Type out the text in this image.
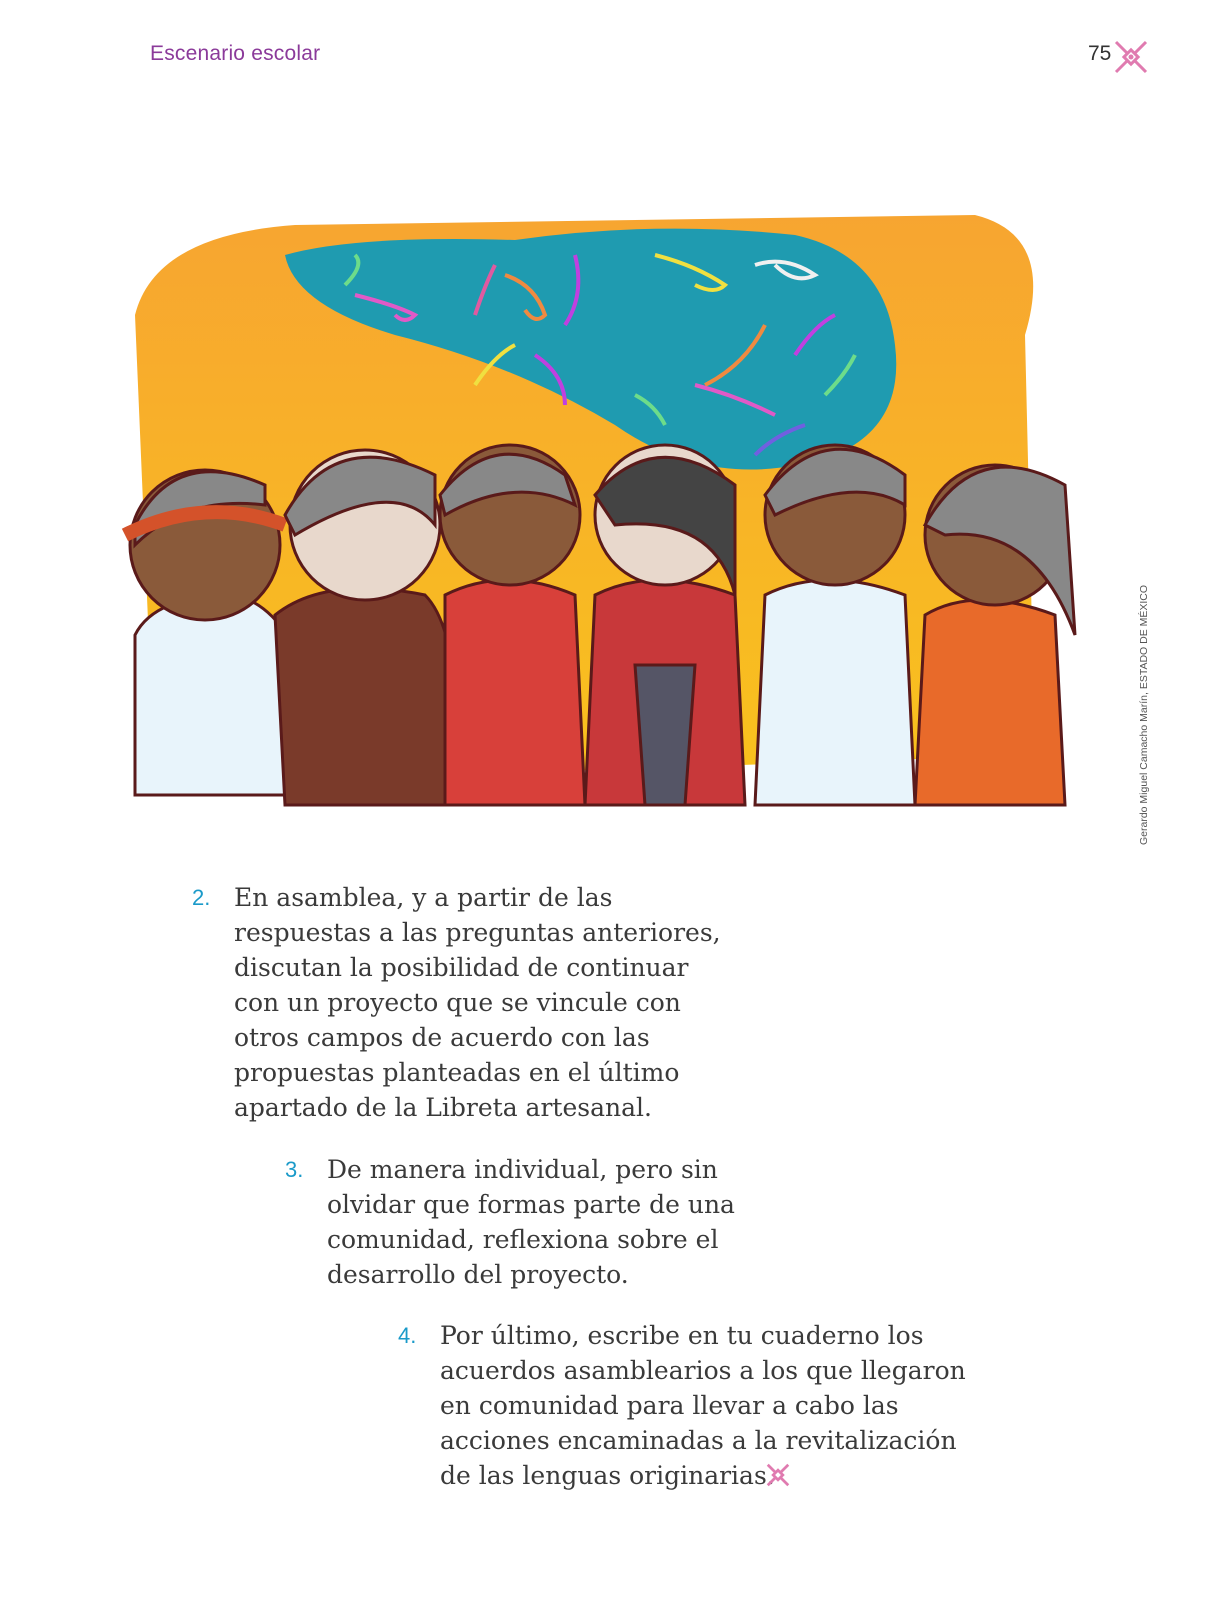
Escenario escolar	75
Gerardo Miguel Camacho Marín, ESTADO DE MÉXICO
2. En asamblea, y a partir de las
respuestas a las preguntas anteriores,
discutan la posibilidad de continuar
con un proyecto que se vincule con
otros campos de acuerdo con las
propuestas planteadas en el último
apartado de la Libreta artesanal.
3. De manera individual, pero sin
olvidar que formas parte de una
comunidad, reflexiona sobre el
desarrollo del proyecto.
4. Por último, escribe en tu cuaderno los
acuerdos asamblearios a los que llegaron
en comunidad para llevar a cabo las
acciones encaminadas a la revitalización
de las lenguas originarias.
